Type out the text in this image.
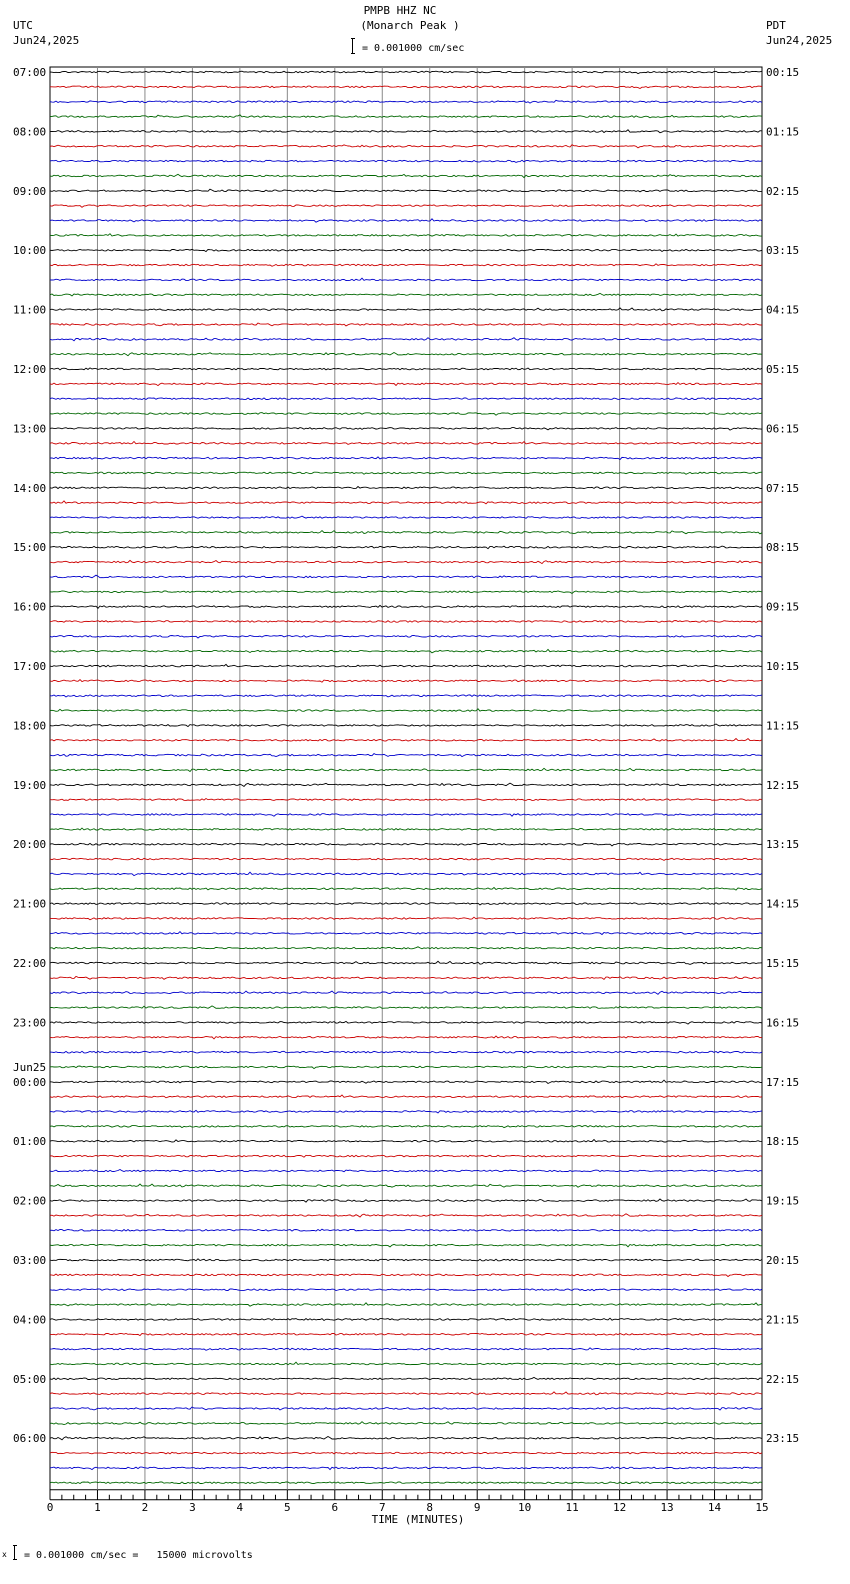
PMPB HHZ NC
(Monarch Peak )
UTC
Jun24,2025
PDT
Jun24,2025
= 0.001000 cm/sec
07:00
08:00
09:00
10:00
11:00
12:00
13:00
14:00
15:00
16:00
17:00
18:00
19:00
20:00
21:00
22:00
23:00
00:00
01:00
02:00
03:00
04:00
05:00
06:00
00:15
01:15
02:15
03:15
04:15
05:15
06:15
07:15
08:15
09:15
10:15
11:15
12:15
13:15
14:15
15:15
16:15
17:15
18:15
19:15
20:15
21:15
22:15
23:15
Jun25
0	1	2	3	4	5	6	7	8	9	10	11	12	13	14	15
TIME (MINUTES)
x = 0.001000 cm/sec =   15000 microvolts
